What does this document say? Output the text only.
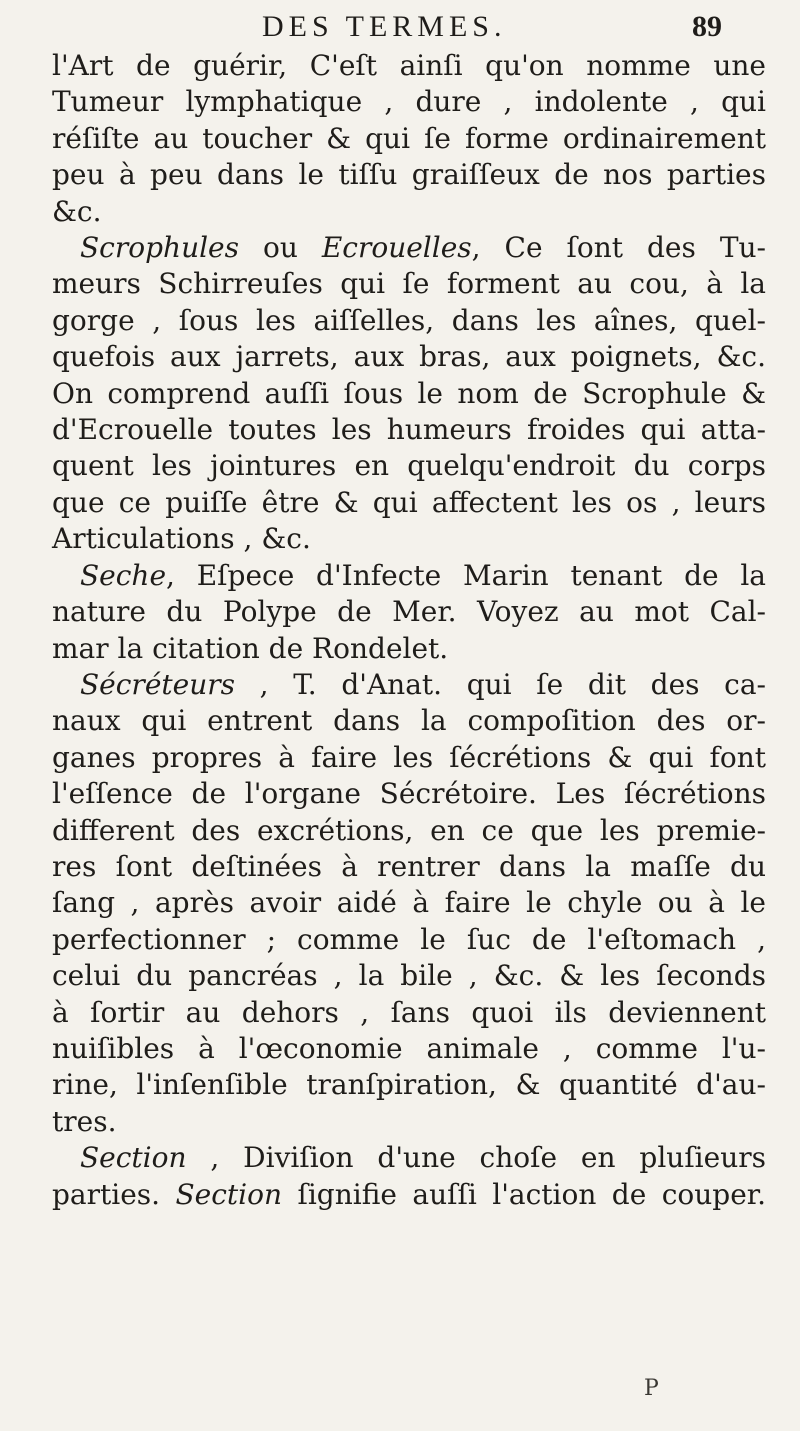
DES TERMES.	89
l'Art de guérir, C'eſt ainſi qu'on nomme une
Tumeur lymphatique , dure , indolente , qui
réſiſte au toucher & qui ſe forme ordinairement
peu à peu dans le tiſſu graiſſeux de nos parties
&c.
Scrophules ou Ecrouelles, Ce ſont des Tu-
meurs Schirreuſes qui ſe forment au cou, à la
gorge , ſous les aiſſelles, dans les aînes, quel-
quefois aux jarrets, aux bras, aux poignets, &c.
On comprend auſſi ſous le nom de Scrophule &
d'Ecrouelle toutes les humeurs froides qui atta-
quent les jointures en quelqu'endroit du corps
que ce puiſſe être & qui affectent les os , leurs
Articulations , &c.
Seche, Eſpece d'Infecte Marin tenant de la
nature du Polype de Mer. Voyez au mot Cal-
mar la citation de Rondelet.
Sécréteurs , T. d'Anat. qui ſe dit des ca-
naux qui entrent dans la compoſition des or-
ganes propres à faire les ſécrétions & qui font
l'eſſence de l'organe Sécrétoire. Les ſécrétions
different des excrétions, en ce que les premie-
res ſont deſtinées à rentrer dans la maſſe du
ſang , après avoir aidé à faire le chyle ou à le
perfectionner ; comme le ſuc de l'eſtomach ,
celui du pancréas , la bile , &c. & les ſeconds
à ſortir au dehors , ſans quoi ils deviennent
nuiſibles à l'œconomie animale , comme l'u-
rine, l'inſenſible tranſpiration, & quantité d'au-
tres.
Section , Diviſion d'une choſe en pluſieurs
parties. Section ſignifie auſſi l'action de couper.
P
